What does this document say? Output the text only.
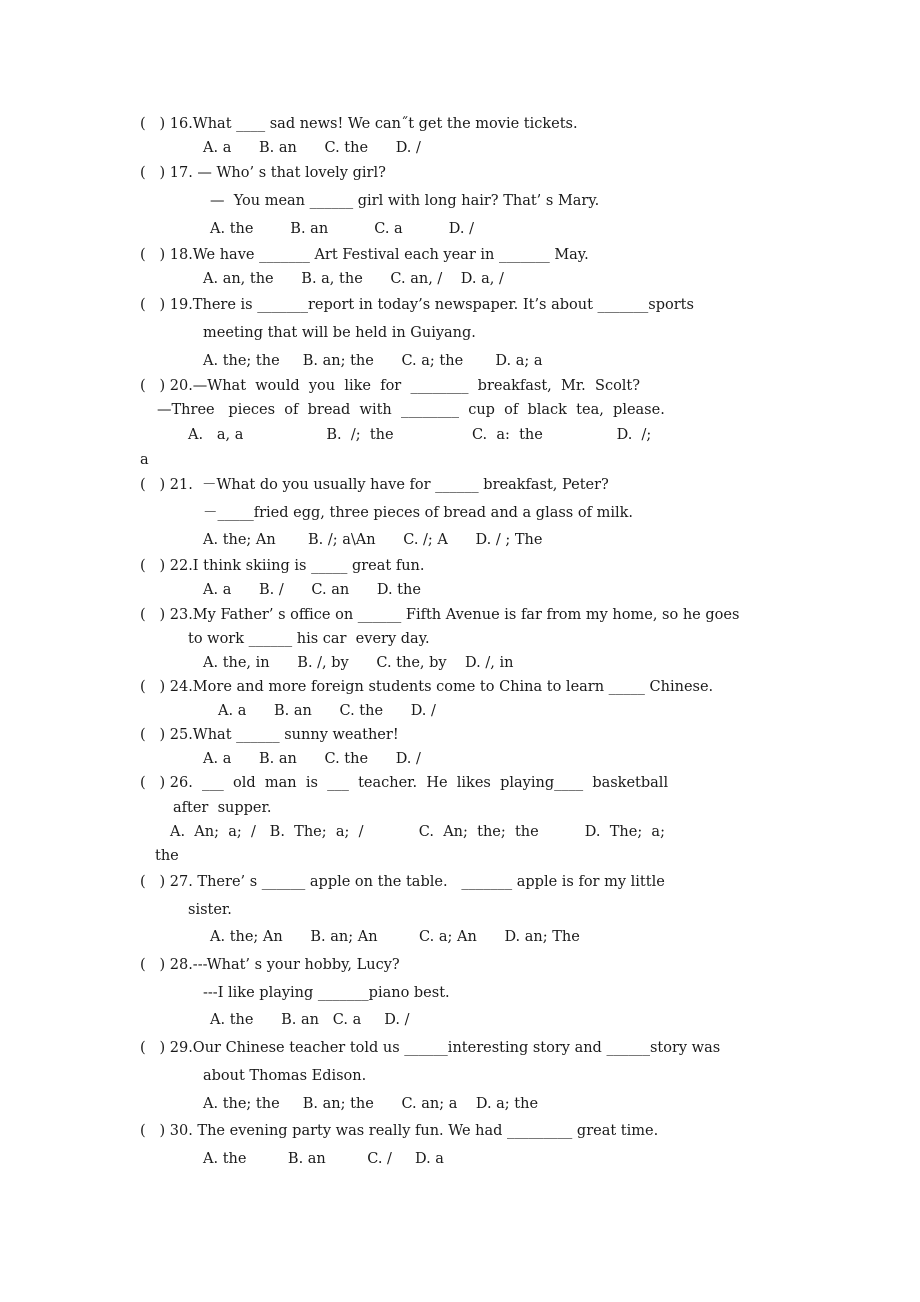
(   ) 16.What ____ sad news! We can˝t get the movie tickets.
A. a      B. an      C. the      D. /
(   ) 17. — Who’ s that lovely girl?
—  You mean ______ girl with long hair? That’ s Mary.
A. the        B. an          C. a          D. /
(   ) 18.We have _______ Art Festival each year in _______ May.
A. an, the      B. a, the      C. an, /    D. a, /
(   ) 19.There is _______report in today’s newspaper. It’s about _______sports
meeting that will be held in Guiyang.
A. the; the     B. an; the      C. a; the       D. a; a
(   ) 20.—What  would  you  like  for  ________  breakfast,  Mr.  Scolt?
—Three   pieces  of  bread  with  ________  cup  of  black  tea,  please.
A.   a, a                  B.  /;  the                 C.  a:  the                D.  /;
a
(   ) 21.  －What do you usually have for ______ breakfast, Peter?
－_____fried egg, three pieces of bread and a glass of milk.
A. the; An       B. /; a\An      C. /; A      D. / ; The
(   ) 22.I think skiing is _____ great fun.
A. a      B. /      C. an      D. the
(   ) 23.My Father’ s office on ______ Fifth Avenue is far from my home, so he goes
to work ______ his car  every day.
A. the, in      B. /, by      C. the, by    D. /, in
(   ) 24.More and more foreign students come to China to learn _____ Chinese.
A. a      B. an      C. the      D. /
(   ) 25.What ______ sunny weather!
A. a      B. an      C. the      D. /
(   ) 26.  ___  old  man  is  ___  teacher.  He  likes  playing____  basketball
after  supper.
A.  An;  a;  /   B.  The;  a;  /            C.  An;  the;  the          D.  The;  a;
the
(   ) 27. There’ s ______ apple on the table.   _______ apple is for my little
sister.
A. the; An      B. an; An         C. a; An      D. an; The
(   ) 28.---What’ s your hobby, Lucy?
---I like playing _______piano best.
A. the      B. an   C. a     D. /
(   ) 29.Our Chinese teacher told us ______interesting story and ______story was
about Thomas Edison.
A. the; the     B. an; the      C. an; a    D. a; the
(   ) 30. The evening party was really fun. We had _________ great time.
A. the         B. an         C. /     D. a
